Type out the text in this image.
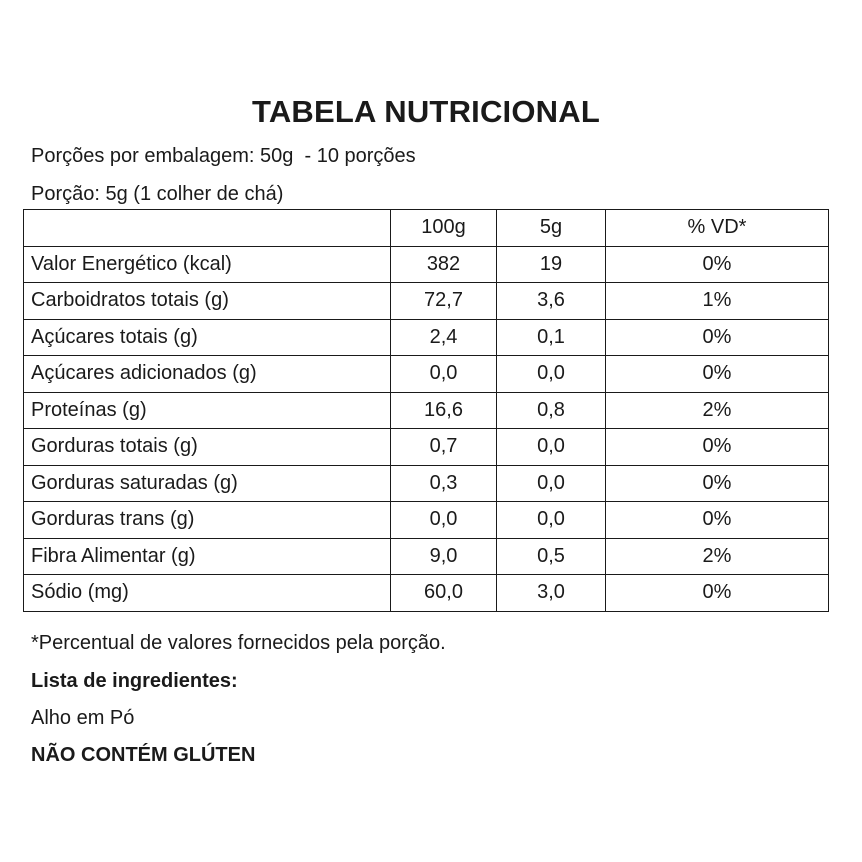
TABELA NUTRICIONAL
Porções por embalagem: 50g  - 10 porções
Porção: 5g (1 colher de chá)
	100g	5g	% VD*
Valor Energético (kcal)	382	19	0%
Carboidratos totais (g)	72,7	3,6	1%
Açúcares totais (g)	2,4	0,1	0%
Açúcares adicionados (g)	0,0	0,0	0%
Proteínas (g)	16,6	0,8	2%
Gorduras totais (g)	0,7	0,0	0%
Gorduras saturadas (g)	0,3	0,0	0%
Gorduras trans (g)	0,0	0,0	0%
Fibra Alimentar (g)	9,0	0,5	2%
Sódio (mg)	60,0	3,0	0%
*Percentual de valores fornecidos pela porção.
Lista de ingredientes:
Alho em Pó
NÃO CONTÉM GLÚTEN
